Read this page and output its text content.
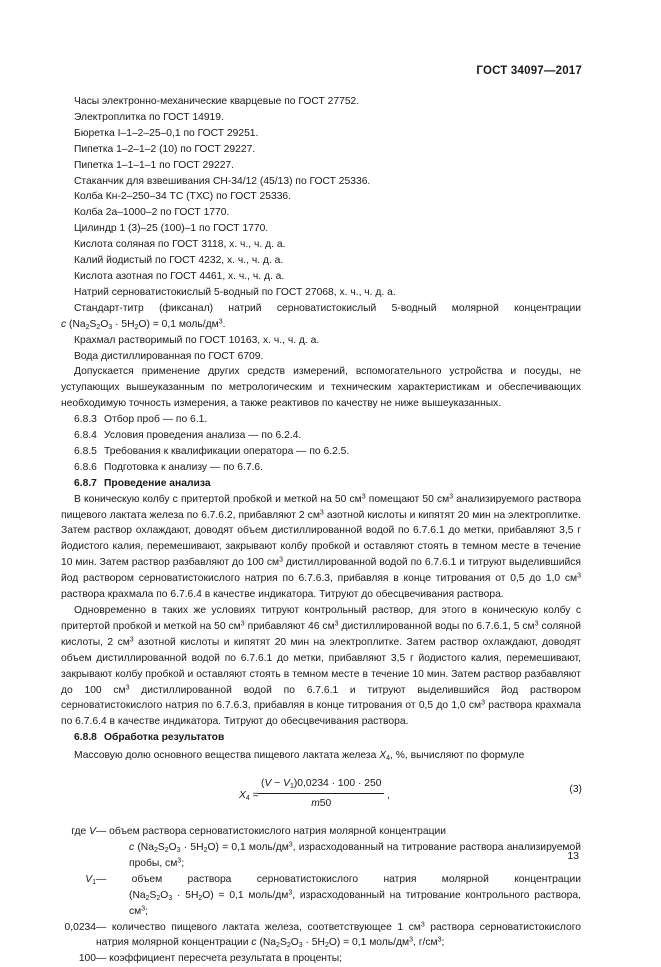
ГОСТ 34097—2017

Часы электронно-механические кварцевые по ГОСТ 27752.

Электроплитка по ГОСТ 14919.

Бюретка I–1–2–25–0,1 по ГОСТ 29251.

Пипетка 1–2–1–2 (10) по ГОСТ 29227.

Пипетка 1–1–1–1 по ГОСТ 29227.

Стаканчик для взвешивания СН-34/12 (45/13) по ГОСТ 25336.

Колба Кн-2–250–34 ТС (ТХС) по ГОСТ 25336.

Колба 2а–1000–2 по ГОСТ 1770.

Цилиндр 1 (3)–25 (100)–1 по ГОСТ 1770.

Кислота соляная по ГОСТ 3118, х. ч., ч. д. а.

Калий йодистый по ГОСТ 4232, х. ч., ч. д. а.

Кислота азотная по ГОСТ 4461, х. ч., ч. д. а.

Натрий серноватистокислый 5-водный по ГОСТ 27068, х. ч., ч. д. а.

Стандарт-титр (фиксанал) натрий серноватистокислый 5-водный молярной концентрации

c $(Na_2S_2O_3 \cdot 5H_2O) = 0,1$ моль/$дм^3$.

Крахмал растворимый по ГОСТ 10163, х. ч., ч. д. а.

Вода дистиллированная по ГОСТ 6709.

Допускается применение других средств измерений, вспомогательного устройства и посуды, не уступающих вышеуказанным по метрологическим и техническим характеристикам и обеспечивающих необходимую точность измерения, а также реактивов по качеству не ниже вышеуказанных.

6.8.3 Отбор проб — по 6.1.

6.8.4 Условия проведения анализа — по 6.2.4.

6.8.5 Требования к квалификации оператора — по 6.2.5.

6.8.6 Подготовка к анализу — по 6.7.6.

6.8.7 Проведение анализа

В коническую колбу с притертой пробкой и меткой на 50 $см^3$ помещают 50 $см^3$ анализируемого раствора пищевого лактата железа по 6.7.6.2, прибавляют 2 $см^3$ азотной кислоты и кипятят 20 мин на электроплитке. Затем раствор охлаждают, доводят объем дистиллированной водой по 6.7.6.1 до метки, прибавляют 3,5 г йодистого калия, перемешивают, закрывают колбу пробкой и оставляют стоять в темном месте в течение 10 мин. Затем раствор разбавляют до 100 $см^3$ дистиллированной водой по 6.7.6.1 и титруют выделившийся йод раствором серноватистокислого натрия по 6.7.6.3, прибавляя в конце титрования от 0,5 до 1,0 $см^3$ раствора крахмала по 6.7.6.4 в качестве индикатора. Титруют до обесцвечивания раствора.

Одновременно в таких же условиях титруют контрольный раствор, для этого в коническую колбу с притертой пробкой и меткой на 50 $см^3$ прибавляют 46 $см^3$ дистиллированной воды по 6.7.6.1, 5 $см^3$ соляной кислоты, 2 $см^3$ азотной кислоты и кипятят 20 мин на электроплитке. Затем раствор охлаждают, доводят объем дистиллированной водой по 6.7.6.1 до метки, прибавляют 3,5 г йодистого калия, перемешивают, закрывают колбу пробкой и оставляют стоять в темном месте в течение 10 мин. Затем раствор разбавляют до 100 $см^3$ дистиллированной водой по 6.7.6.1 и титруют выделившийся йод раствором серноватистокислого натрия по 6.7.6.3, прибавляя в конце титрования от 0,5 до 1,0 $см^3$ раствора крахмала по 6.7.6.4 в качестве индикатора. Титруют до обесцвечивания раствора.

6.8.8 Обработка результатов

Массовую долю основного вещества пищевого лактата железа $X_4$, %, вычисляют по формуле

$X_4 = \frac{(V - V_1)0,0234 \cdot 100 \cdot 250}{m50}$ ,
(3)
где V — объем раствора серноватистокислого натрия молярной концентрации
c $(Na_2S_2O_3 \cdot 5H_2O) = 0,1$ моль/$дм^3$, израсходованный на титрование раствора анализируемой пробы, $см^3$;
$V_1$ — объем раствора серноватистокислого натрия молярной концентрации
$(Na_2S_2O_3 \cdot 5H_2O) = 0,1$ моль/$дм^3$, израсходованный на титрование контрольного раствора, $см^3$;
0,0234 — количество пищевого лактата железа, соответствующее 1 $см^3$ раствора серноватистокислого натрия молярной концентрации c $(Na_2S_2O_3 \cdot 5H_2O) = 0,1$ моль/$дм^3$, $г/см^3$;
100 — коэффициент пересчета результата в проценты;
13
